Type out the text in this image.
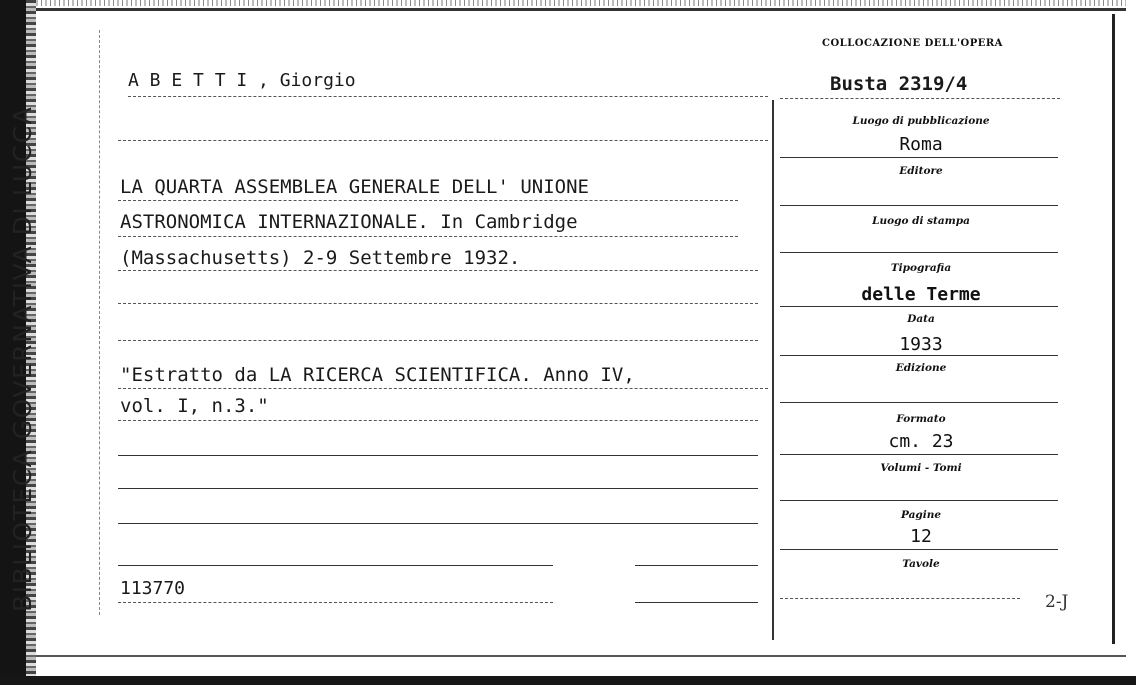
BIBLIOTECA GOVERNATIVA DI LUCCA
A B E T T I , Giorgio
LA QUARTA ASSEMBLEA GENERALE DELL' UNIONE
ASTRONOMICA INTERNAZIONALE. In Cambridge
(Massachusetts) 2-9 Settembre 1932.
"Estratto da LA RICERCA SCIENTIFICA. Anno IV,
vol. I, n.3."
113770
COLLOCAZIONE DELL'OPERA
Busta 2319/4
Luogo di pubblicazione
Roma
Editore
Luogo di stampa
Tipografia
delle Terme
Data
1933
Edizione
Formato
cm. 23
Volumi - Tomi
Pagine
12
Tavole
2-J
